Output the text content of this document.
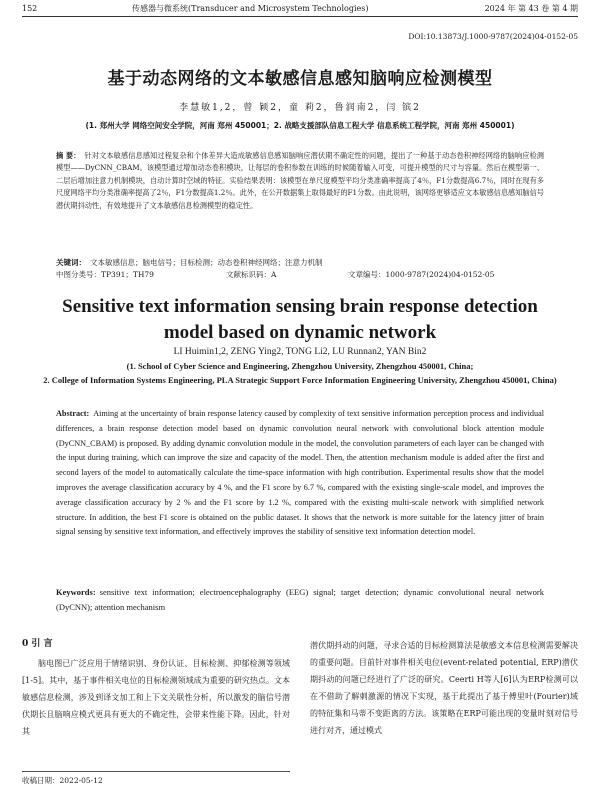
152	传感器与微系统(Transducer and Microsystem Technologies)	2024 年 第 43 卷 第 4 期
DOI:10.13873/J.1000-9787(2024)04-0152-05
基于动态网络的文本敏感信息感知脑响应检测模型
李慧敏1,2，曾 颖2，童 莉2，鲁润南2，闫 镔2
(1. 郑州大学 网络空间安全学院，河南 郑州 450001；2. 战略支援部队信息工程大学 信息系统工程学院，河南 郑州 450001)
摘 要： 针对文本敏感信息感知过程复杂和个体差异大造成敏感信息感知脑响应潜伏期不确定性的问题，提出了一种基于动态卷积神经网络的脑响应检测模型——DyCNN_CBAM。该模型通过增加动态卷积模块，让每层的卷积参数在训练的时候随着输入可变，可提升模型的尺寸与容量。然后在模型第一、二层后增加注意力机制模块，自动计算时空域的特征。实验结果表明：该模型在单尺度模型平均分类准确率提高了4％，F1分数提高6.7％，同时在现有多尺度网络平均分类准确率提高了2％，F1分数提高1.2％。此外，在公开数据集上取得最好的F1分数。由此说明，该网络更够适应文本敏感信息感知脑信号潜伏期抖动性，有效地提升了文本敏感信息检测模型的稳定性。
关键词： 文本敏感信息；脑电信号；目标检测；动态卷积神经网络；注意力机制
中图分类号：TP391；TH79	文献标识码：A	文章编号：1000-9787(2024)04-0152-05
Sensitive text information sensing brain response detection
model based on dynamic network
LI Huimin1,2, ZENG Ying2, TONG Li2, LU Runnan2, YAN Bin2
(1. School of Cyber Science and Engineering, Zhengzhou University, Zhengzhou 450001, China;
2. College of Information Systems Engineering, PLA Strategic Support Force Information Engineering University, Zhengzhou 450001, China)
Abstract: Aiming at the uncertainty of brain response latency caused by complexity of text sensitive information perception process and individual differences, a brain response detection model based on dynamic convolution neural network with convolutional block attention module (DyCNN_CBAM) is proposed. By adding dynamic convolution module in the model, the convolution parameters of each layer can be changed with the input during training, which can improve the size and capacity of the model. Then, the attention mechanism module is added after the first and second layers of the model to automatically calculate the time-space information with high contribution. Experimental results show that the model improves the average classification accuracy by 4 %, and the F1 score by 6.7 %, compared with the existing single-scale model, and improves the average classification accuracy by 2 % and the F1 score by 1.2 %, compared with the existing multi-scale network with simplified network structure. In addition, the best F1 score is obtained on the public dataset. It shows that the network is more suitable for the latency jitter of brain signal sensing by sensitive text information, and effectively improves the stability of sensitive text information detection model.
Keywords: sensitive text information; electroencephalography (EEG) signal; target detection; dynamic convolutional neural network (DyCNN); attention mechanism
0 引 言
脑电图已广泛应用于情绪识别、身份认证、目标检测、抑郁检测等领域[1-5]。其中，基于事件相关电位的目标检测领域成为重要的研究热点。文本敏感信息检测，涉及到译文加工和上下文关联性分析，所以激发的脑信号潜伏期长且脑响应模式更具有更大的不确定性，会带来性能下降。因此，针对其
潜伏期抖动的问题，寻求合适的目标检测算法是敏感文本信息检测需要解决的重要问题。目前针对事件相关电位(event-related potential, ERP)潜伏期抖动的问题已经进行了广泛的研究。Ceerti H等人[6]认为ERP检测可以在不借助了解刺激源的情况下实现，基于此提出了基于傅里叶(Fourier)域的特征集和马蒂不变距离的方法。该策略在ERP可能出现的变量时刻对信号进行对齐，通过模式
收稿日期：2022-05-12
